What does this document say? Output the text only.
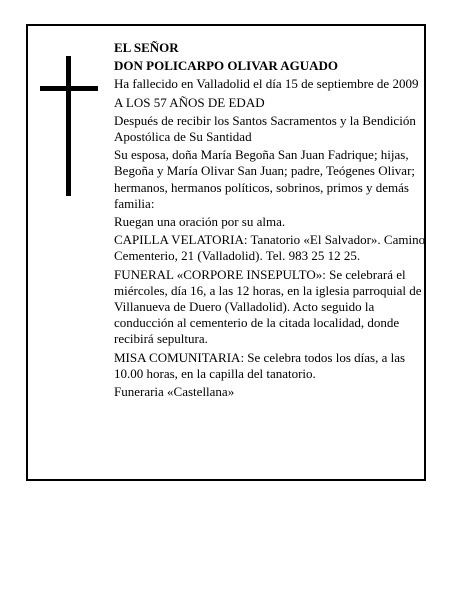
EL SEÑOR

DON POLICARPO OLIVAR AGUADO

Ha fallecido en Valladolid el día 15 de septiembre de 2009

A LOS 57 AÑOS DE EDAD

Después de recibir los Santos Sacramentos y la Bendición Apostólica de Su Santidad

Su esposa, doña María Begoña San Juan Fadrique; hijas, Begoña y María Olivar San Juan; padre, Teógenes Olivar; hermanos, hermanos políticos, sobrinos, primos y demás familia:

Ruegan una oración por su alma.

CAPILLA VELATORIA: Tanatorio «El Salvador». Camino Cementerio, 21 (Valladolid). Tel. 983 25 12 25.

FUNERAL «CORPORE INSEPULTO»: Se celebrará el miércoles, día 16, a las 12 horas, en la iglesia parroquial de Villanueva de Duero (Valladolid). Acto seguido la conducción al cementerio de la citada localidad, donde recibirá sepultura.

MISA COMUNITARIA: Se celebra todos los días, a las 10.00 horas, en la capilla del tanatorio.

Funeraria «Castellana»
